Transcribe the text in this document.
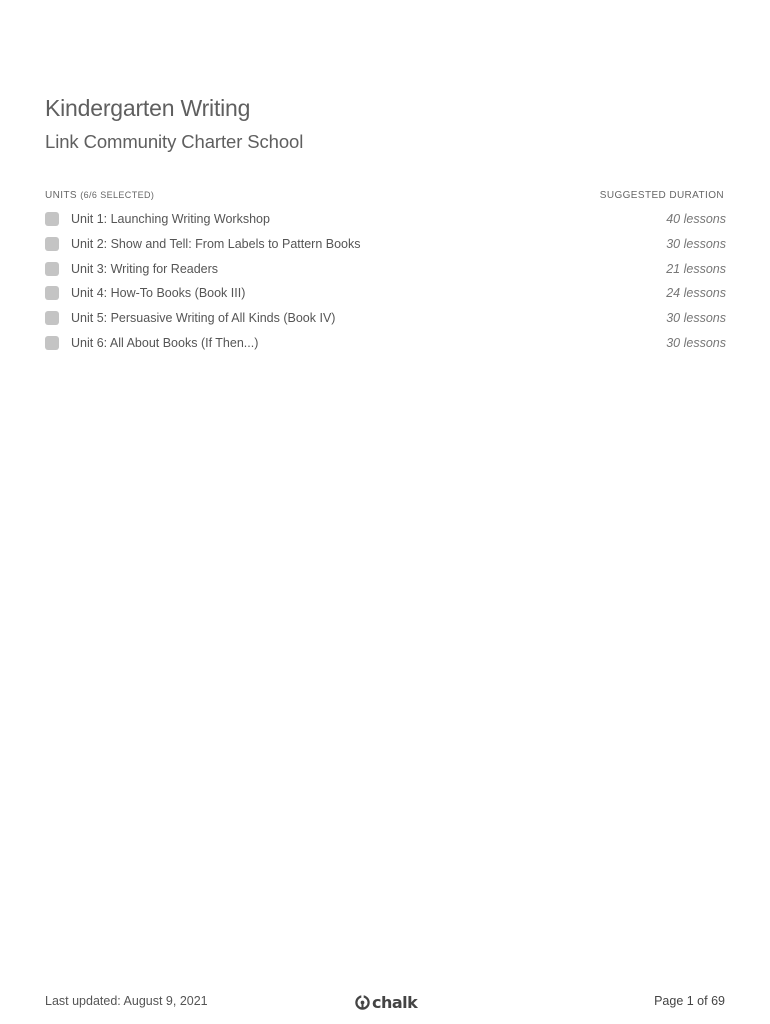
Kindergarten Writing
Link Community Charter School
UNITS (6/6 SELECTED)	SUGGESTED DURATION
Unit 1: Launching Writing Workshop	40 lessons
Unit 2: Show and Tell: From Labels to Pattern Books	30 lessons
Unit 3: Writing for Readers	21 lessons
Unit 4: How-To Books (Book III)	24 lessons
Unit 5: Persuasive Writing of All Kinds (Book IV)	30 lessons
Unit 6: All About Books (If Then...)	30 lessons
Last updated: August 9, 2021	chalk	Page 1 of 69
